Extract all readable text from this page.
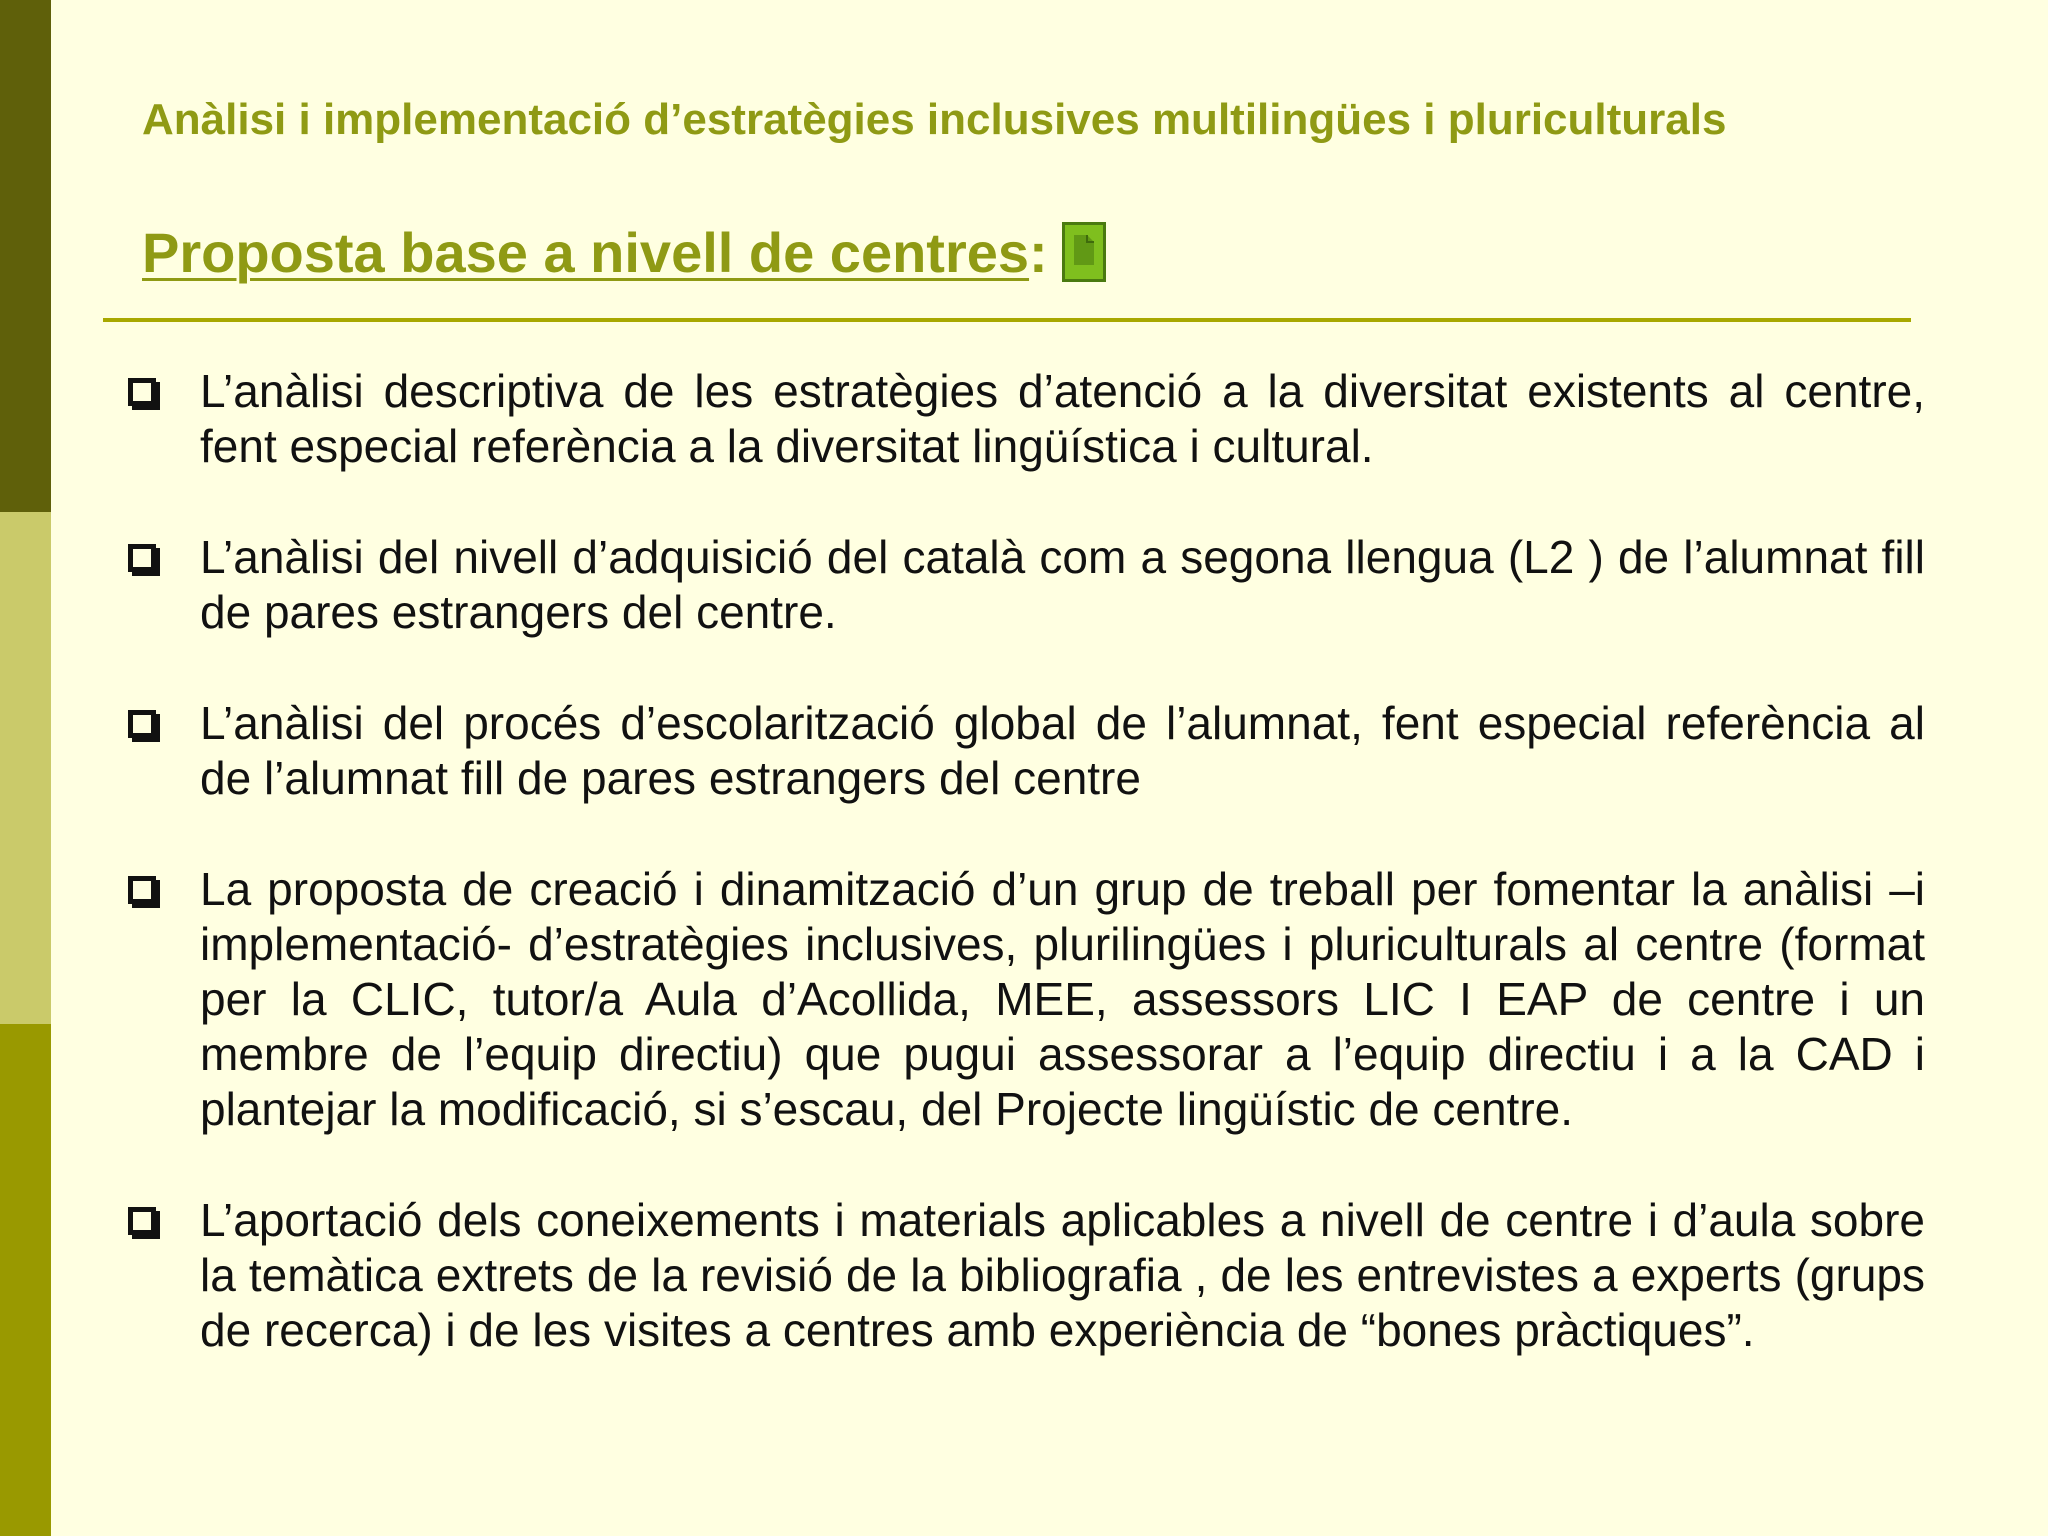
Anàlisi i implementació d’estratègies inclusives multilingües i pluriculturals
Proposta base a nivell de centres :
L’anàlisi descriptiva de les estratègies d’atenció a la diversitat existents al centre, fent especial referència a la diversitat lingüística i cultural.
L’anàlisi del nivell d’adquisició del català com a segona llengua (L2 ) de l’alumnat fill de pares estrangers del centre.
L’anàlisi del procés d’escolarització global de l’alumnat, fent especial referència al de l’alumnat fill de pares estrangers del centre
La proposta de creació i dinamització d’un grup de treball per fomentar la anàlisi –i implementació- d’estratègies inclusives, plurilingües i pluriculturals al centre (format per la CLIC, tutor/a Aula d’Acollida, MEE, assessors LIC I EAP de centre i un membre de l’equip directiu) que pugui assessorar a l’equip directiu i a la CAD i plantejar la modificació, si s’escau, del Projecte lingüístic de centre.
L’aportació dels coneixements i materials aplicables a nivell de centre i d’aula sobre la temàtica extrets de la revisió de la bibliografia , de les entrevistes a experts (grups de recerca) i de les visites a centres amb experiència de “bones pràctiques”.
